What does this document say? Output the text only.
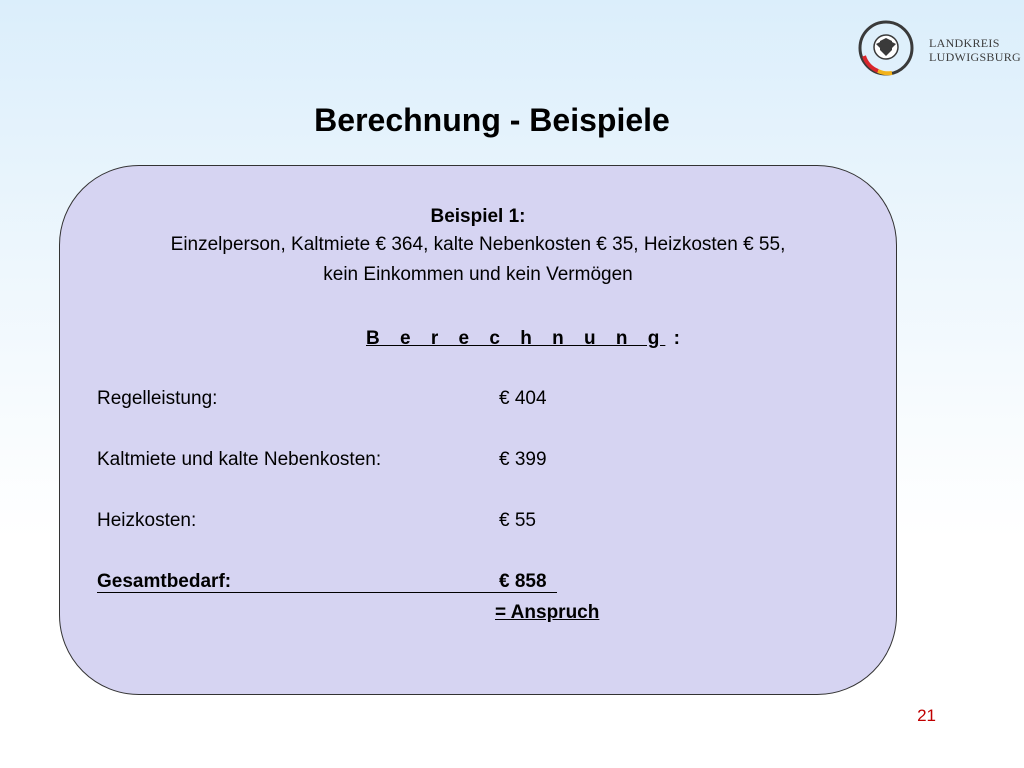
LANDKREIS
LUDWIGSBURG
Berechnung - Beispiele
Beispiel 1:
Einzelperson, Kaltmiete € 364, kalte Nebenkosten € 35, Heizkosten € 55,
kein Einkommen und kein Vermögen
B e r e c h n u n g :
Regelleistung:	€ 404
Kaltmiete und kalte Nebenkosten:	€ 399
Heizkosten:	€ 55
Gesamtbedarf:	€ 858
= Anspruch
21
